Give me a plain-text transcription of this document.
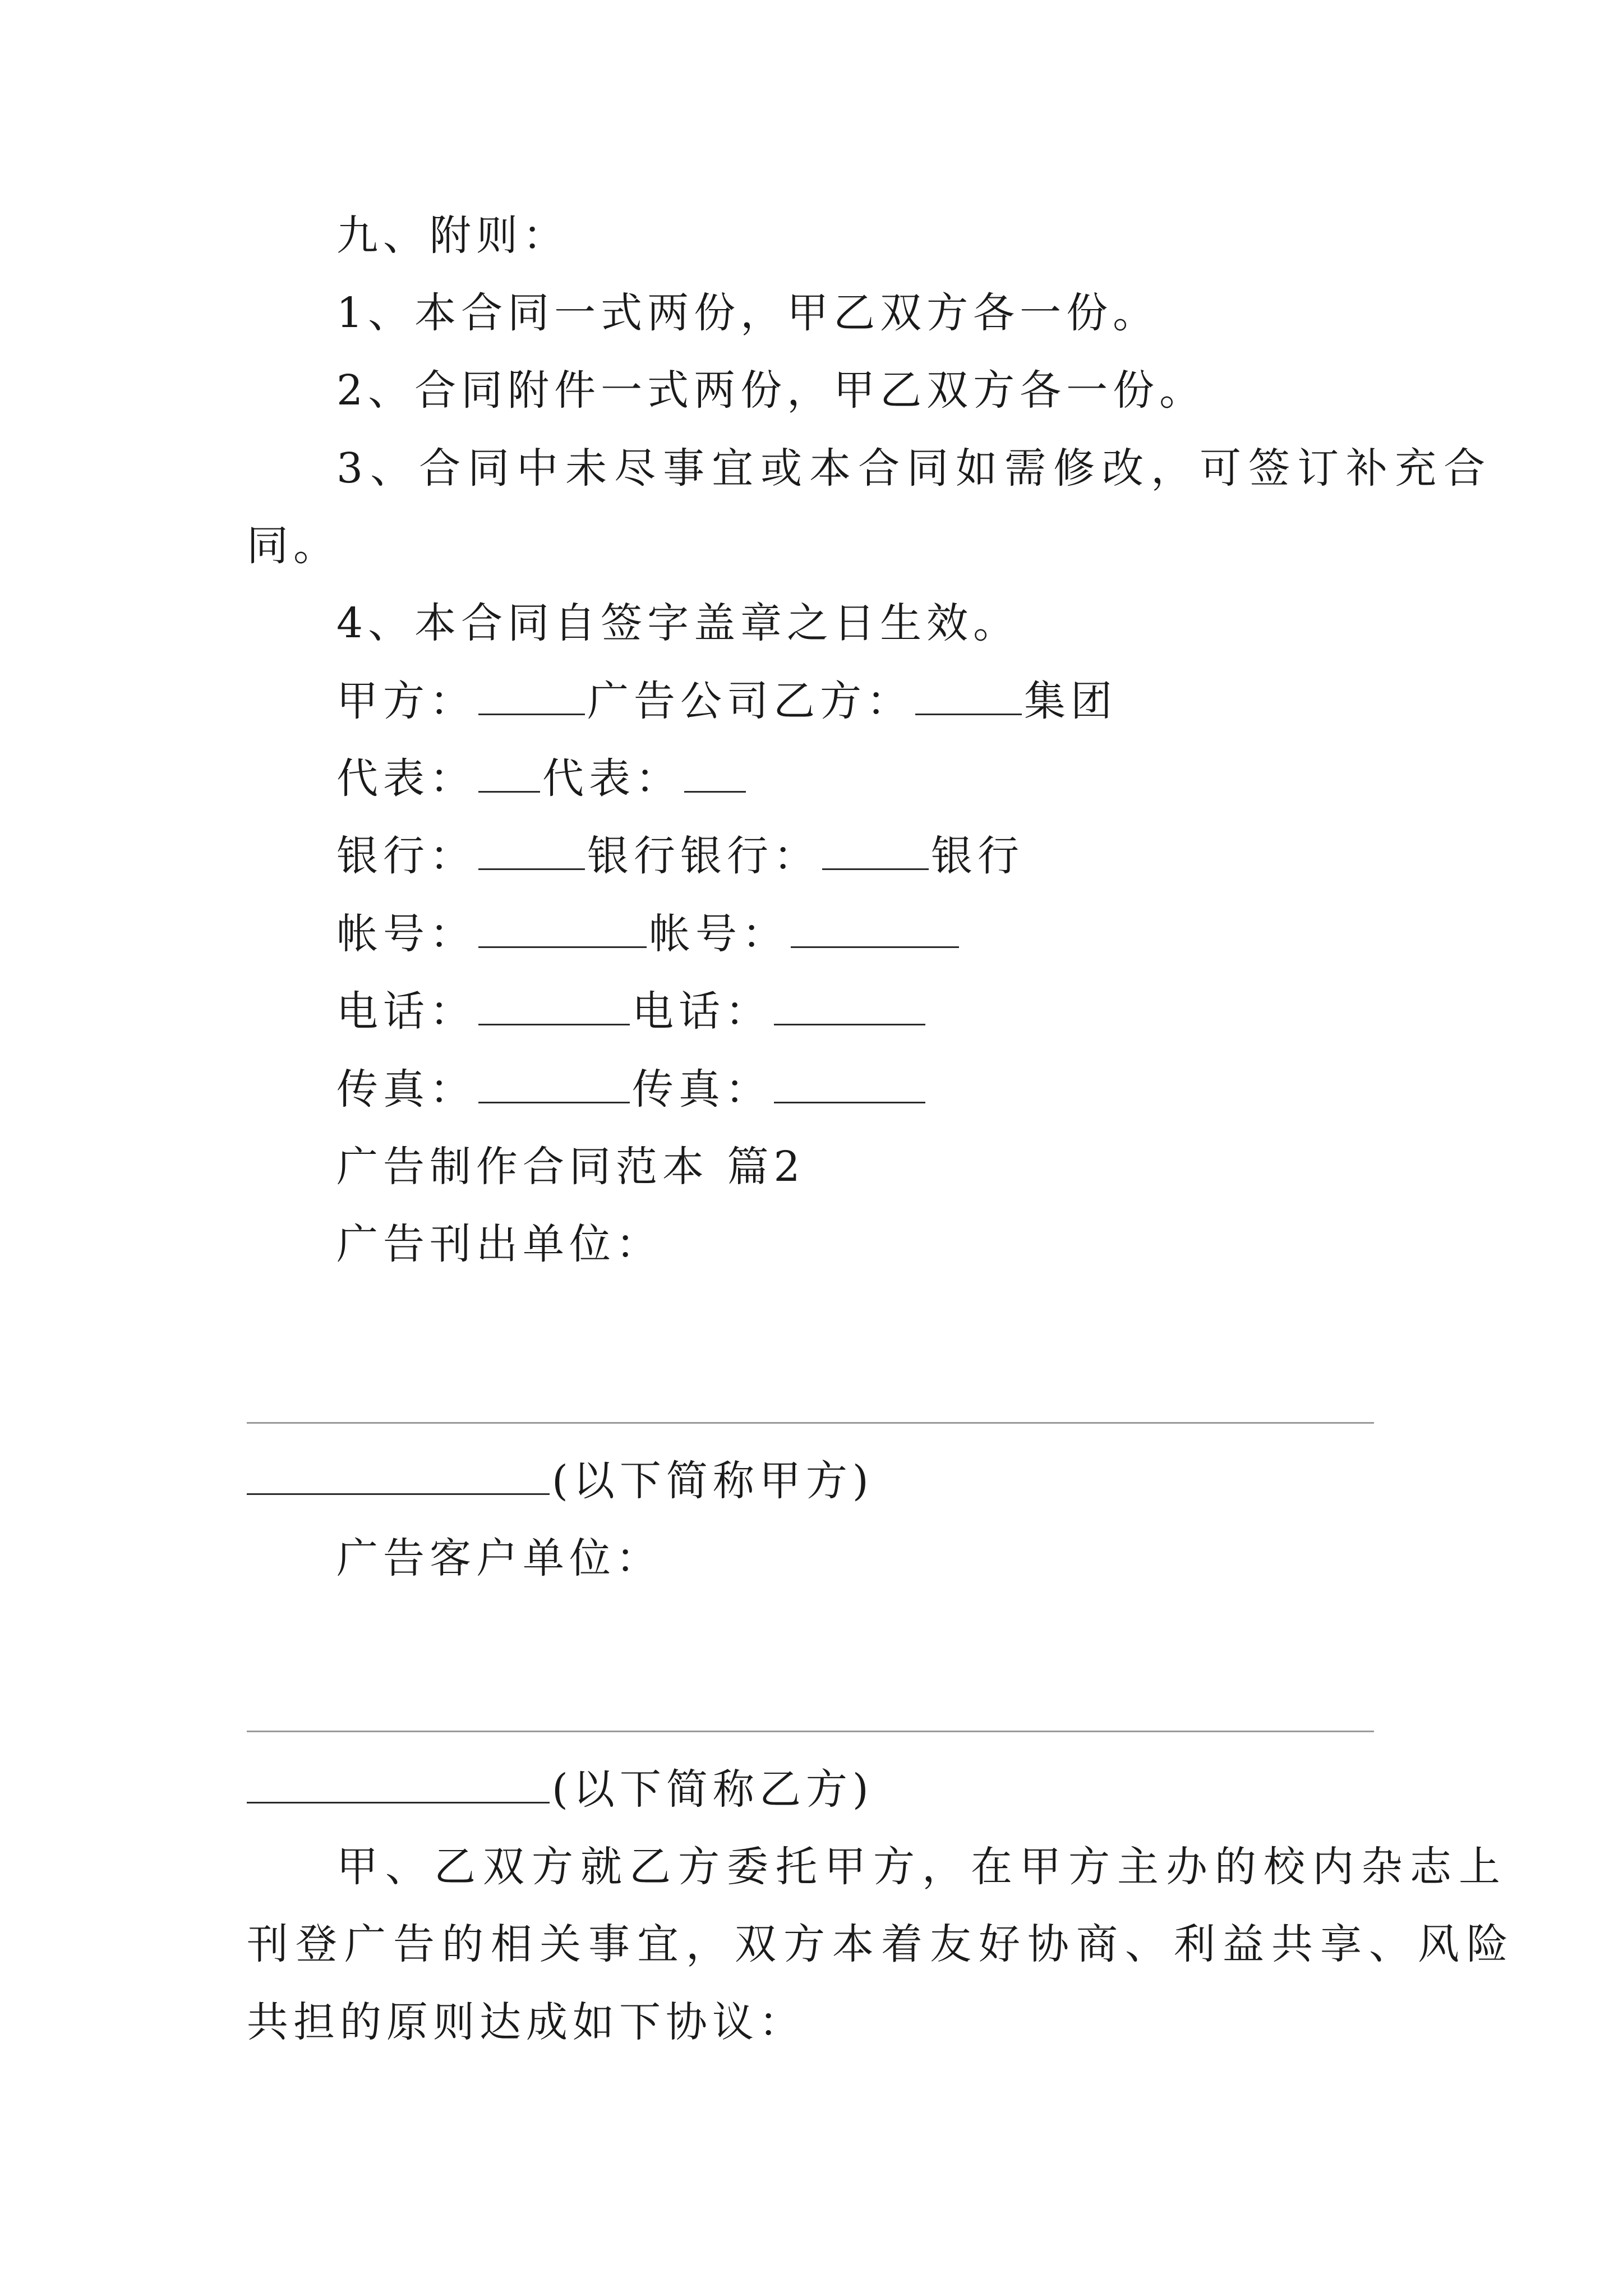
九、附则：
1、本合同一式两份，甲乙双方各一份。
2、合同附件一式两份，甲乙双方各一份。
3、合同中未尽事宜或本合同如需修改，可签订补充合
同。
4、本合同自签字盖章之日生效。
甲方：	广告公司乙方：	集团
代表： 代表：
银行：	银行银行：	银行
帐号：	帐号：
电话：	电话：
传真：	传真：
广告制作合同范本 篇2
广告刊出单位：
(以下简称甲方)
广告客户单位：
(以下简称乙方)
甲、乙双方就乙方委托甲方，在甲方主办的校内杂志上
刊登广告的相关事宜，双方本着友好协商、利益共享、风险
共担的原则达成如下协议：
